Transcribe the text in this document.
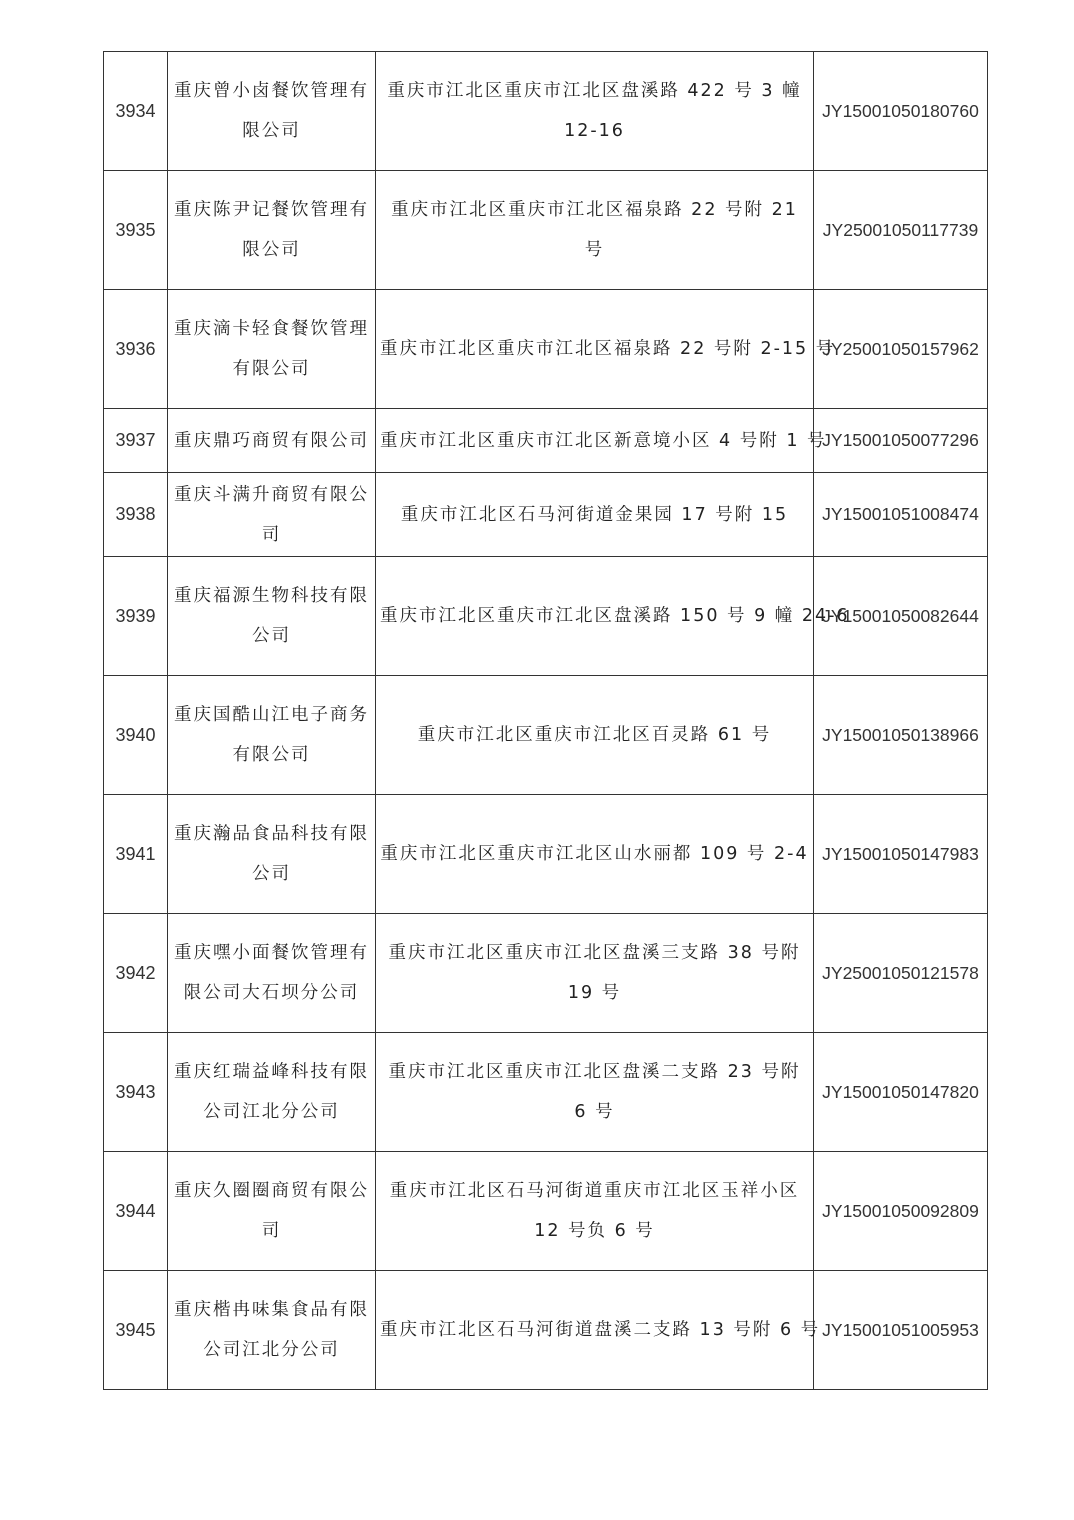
3934	重庆曾小卤餐饮管理有限公司	重庆市江北区重庆市江北区盘溪路 422 号 3 幢 12-16	JY15001050180760
3935	重庆陈尹记餐饮管理有限公司	重庆市江北区重庆市江北区福泉路 22 号附 21 号	JY25001050117739
3936	重庆滴卡轻食餐饮管理有限公司	重庆市江北区重庆市江北区福泉路 22 号附 2-15 号	JY25001050157962
3937	重庆鼎巧商贸有限公司	重庆市江北区重庆市江北区新意境小区 4 号附 1 号	JY15001050077296
3938	重庆斗满升商贸有限公司	重庆市江北区石马河街道金果园 17 号附 15	JY15001051008474
3939	重庆福源生物科技有限公司	重庆市江北区重庆市江北区盘溪路 150 号 9 幢 24-6	JY15001050082644
3940	重庆国酷山江电子商务有限公司	重庆市江北区重庆市江北区百灵路 61 号	JY15001050138966
3941	重庆瀚品食品科技有限公司	重庆市江北区重庆市江北区山水丽都 109 号 2-4	JY15001050147983
3942	重庆嘿小面餐饮管理有限公司大石坝分公司	重庆市江北区重庆市江北区盘溪三支路 38 号附 19 号	JY25001050121578
3943	重庆红瑞益峰科技有限公司江北分公司	重庆市江北区重庆市江北区盘溪二支路 23 号附 6 号	JY15001050147820
3944	重庆久圈圈商贸有限公司	重庆市江北区石马河街道重庆市江北区玉祥小区 12 号负 6 号	JY15001050092809
3945	重庆楷冉味集食品有限公司江北分公司	重庆市江北区石马河街道盘溪二支路 13 号附 6 号	JY15001051005953
